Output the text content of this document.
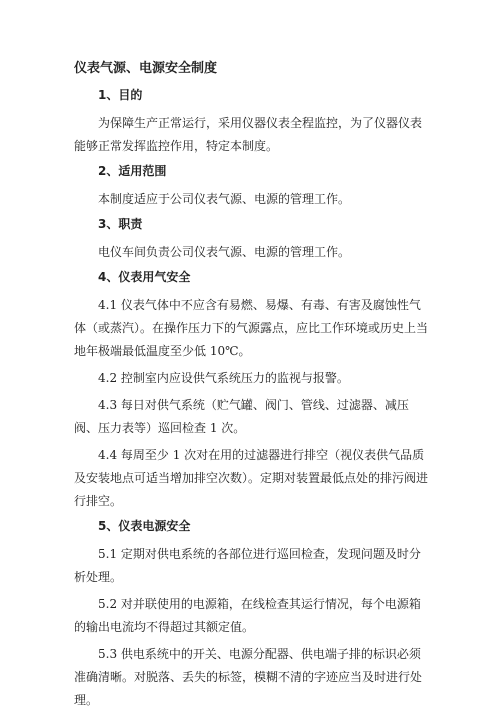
仪表气源、电源安全制度
1、目的
为保障生产正常运行，采用仪器仪表全程监控，为了仪器仪表能够正常发挥监控作用，特定本制度。
2、适用范围
本制度适应于公司仪表气源、电源的管理工作。
3、职责
电仪车间负责公司仪表气源、电源的管理工作。
4、仪表用气安全
4.1 仪表气体中不应含有易燃、易爆、有毒、有害及腐蚀性气体（或蒸汽）。在操作压力下的气源露点，应比工作环境或历史上当地年极端最低温度至少低 10℃。
4.2 控制室内应设供气系统压力的监视与报警。
4.3 每日对供气系统（贮气罐、阀门、管线、过滤器、减压阀、压力表等）巡回检查 1 次。
4.4 每周至少 1 次对在用的过滤器进行排空（视仪表供气品质及安装地点可适当增加排空次数）。定期对装置最低点处的排污阀进行排空。
5、仪表电源安全
5.1 定期对供电系统的各部位进行巡回检查，发现问题及时分析处理。
5.2 对并联使用的电源箱，在线检查其运行情况，每个电源箱的输出电流均不得超过其额定值。
5.3 供电系统中的开关、电源分配器、供电端子排的标识必须准确清晰。对脱落、丢失的标签，模糊不清的字迹应当及时进行处理。
